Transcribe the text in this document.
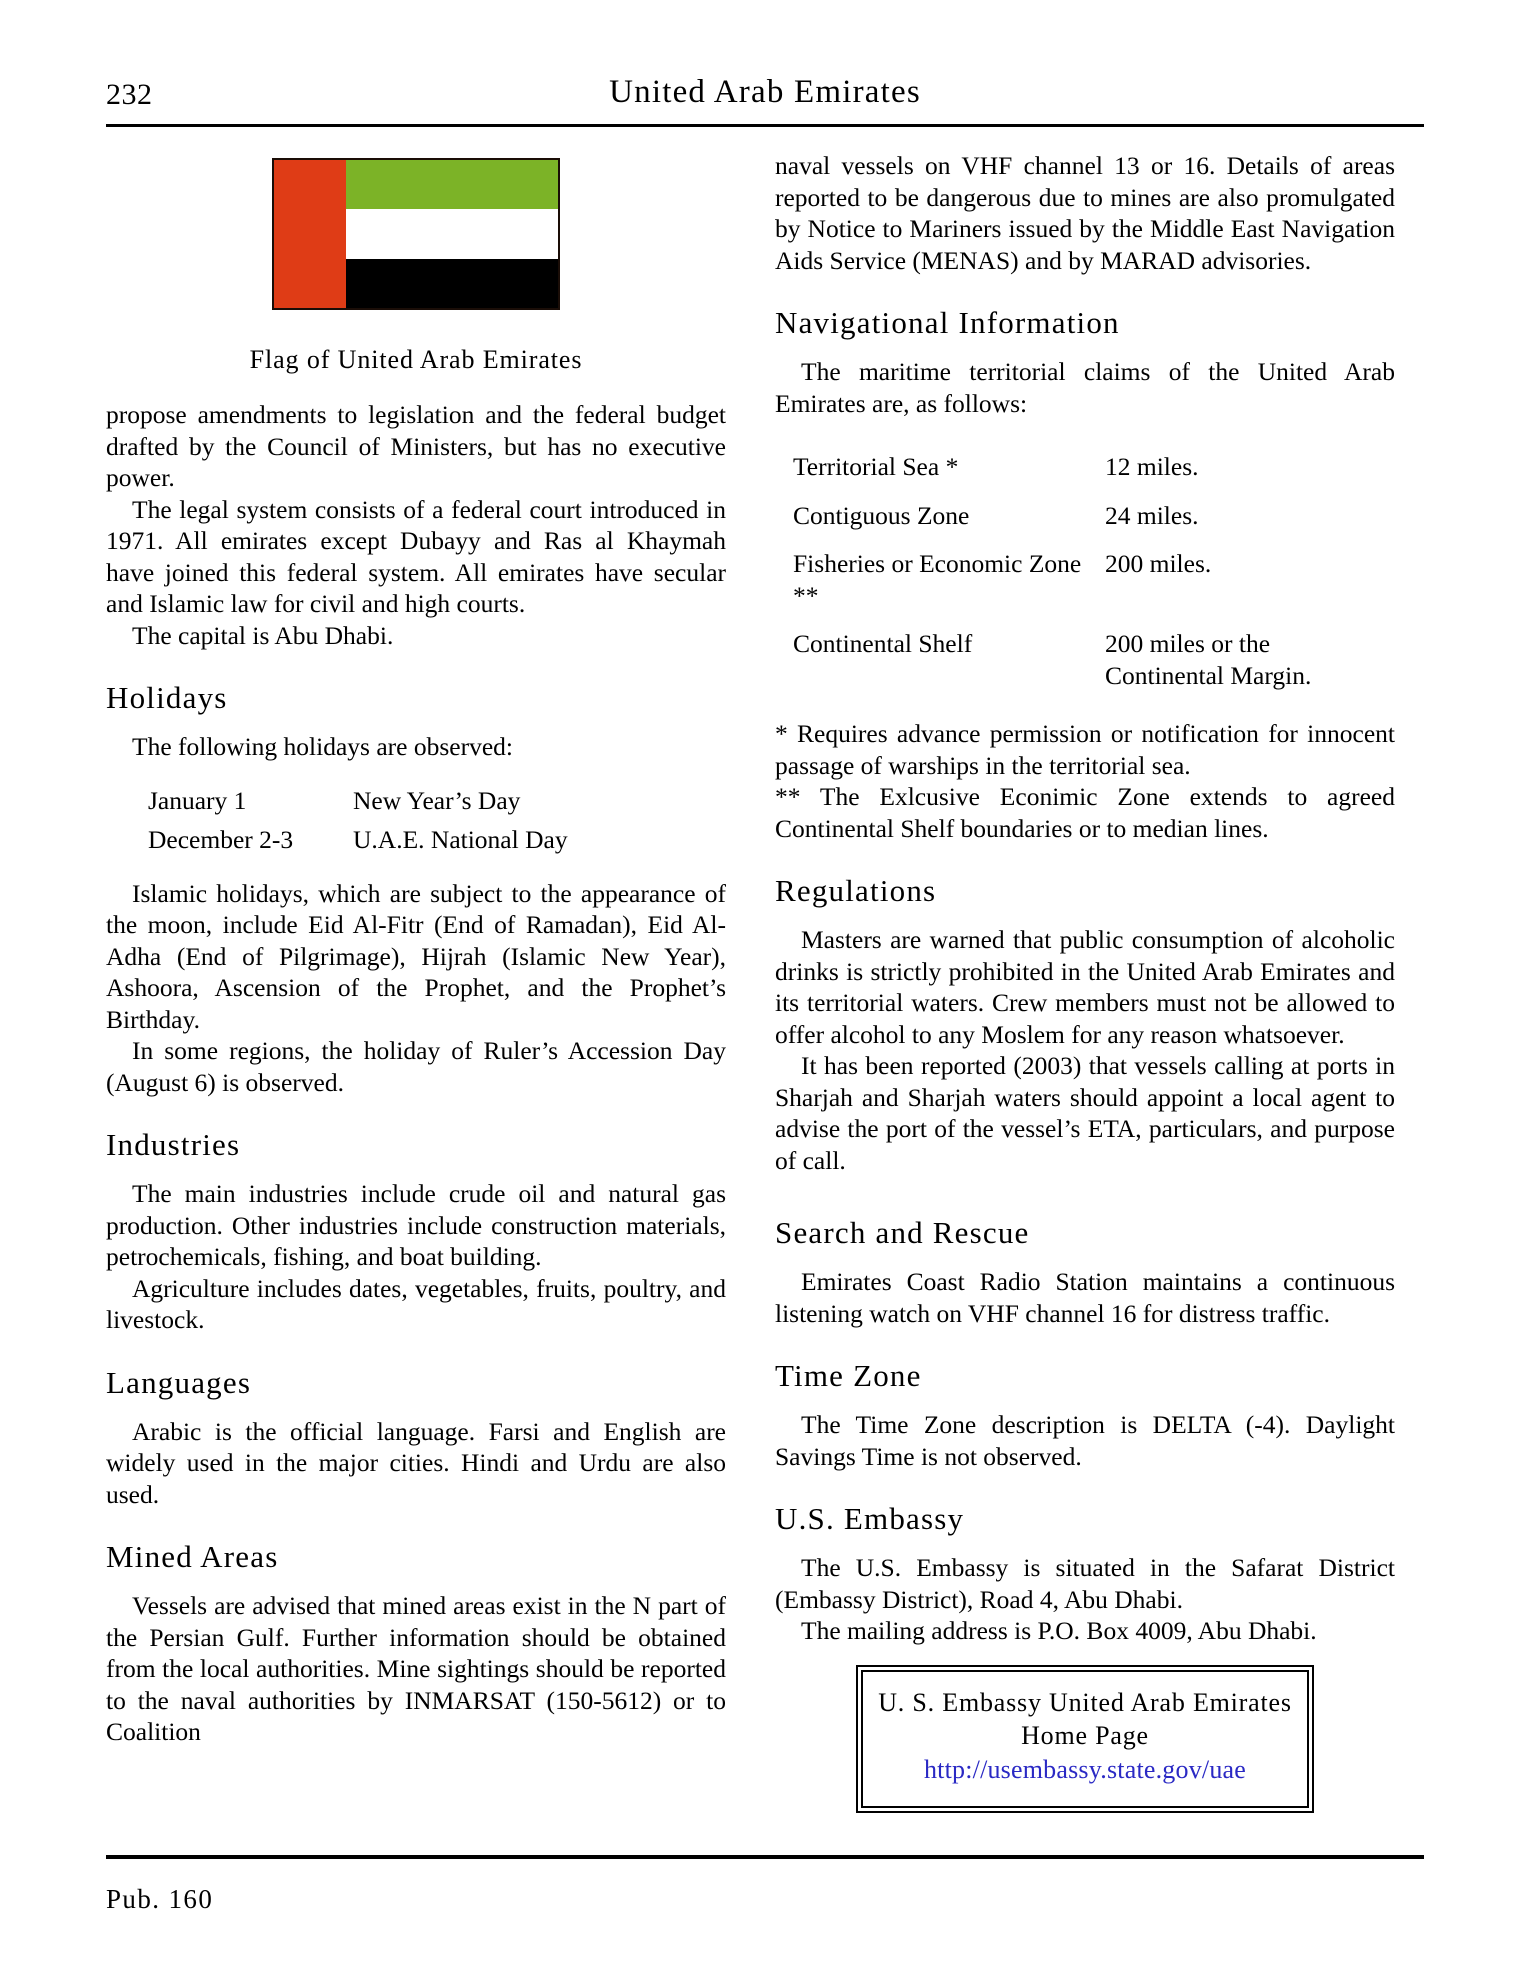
232	United Arab Emirates
Flag of United Arab Emirates

propose amendments to legislation and the federal budget drafted by the Council of Ministers, but has no executive power.

The legal system consists of a federal court introduced in 1971. All emirates except Dubayy and Ras al Khaymah have joined this federal system. All emirates have secular and Islamic law for civil and high courts.

The capital is Abu Dhabi.

Holidays

The following holidays are observed:

January 1	New Year’s Day
December 2-3	U.A.E. National Day

Islamic holidays, which are subject to the appearance of the moon, include Eid Al-Fitr (End of Ramadan), Eid Al-Adha (End of Pilgrimage), Hijrah (Islamic New Year), Ashoora, Ascension of the Prophet, and the Prophet’s Birthday.

In some regions, the holiday of Ruler’s Accession Day (August 6) is observed.

Industries

The main industries include crude oil and natural gas production. Other industries include construction materials, petrochemicals, fishing, and boat building.

Agriculture includes dates, vegetables, fruits, poultry, and livestock.

Languages

Arabic is the official language. Farsi and English are widely used in the major cities. Hindi and Urdu are also used.

Mined Areas

Vessels are advised that mined areas exist in the N part of the Persian Gulf. Further information should be obtained from the local authorities. Mine sightings should be reported to the naval authorities by INMARSAT (150-5612) or to Coalition

naval vessels on VHF channel 13 or 16. Details of areas reported to be dangerous due to mines are also promulgated by Notice to Mariners issued by the Middle East Navigation Aids Service (MENAS) and by MARAD advisories.

Navigational Information

The maritime territorial claims of the United Arab Emirates are, as follows:

Territorial Sea *	12 miles.
Contiguous Zone	24 miles.
Fisheries or Economic Zone **	200 miles.
Continental Shelf	200 miles or the Continental Margin.

* Requires advance permission or notification for innocent passage of warships in the territorial sea.

** The Exlcusive Econimic Zone extends to agreed Continental Shelf boundaries or to median lines.

Regulations

Masters are warned that public consumption of alcoholic drinks is strictly prohibited in the United Arab Emirates and its territorial waters. Crew members must not be allowed to offer alcohol to any Moslem for any reason whatsoever.

It has been reported (2003) that vessels calling at ports in Sharjah and Sharjah waters should appoint a local agent to advise the port of the vessel’s ETA, particulars, and purpose of call.

Search and Rescue

Emirates Coast Radio Station maintains a continuous listening watch on VHF channel 16 for distress traffic.

Time Zone

The Time Zone description is DELTA (-4). Daylight Savings Time is not observed.

U.S. Embassy

The U.S. Embassy is situated in the Safarat District (Embassy District), Road 4, Abu Dhabi.

The mailing address is P.O. Box 4009, Abu Dhabi.

U. S. Embassy United Arab Emirates
Home Page
http://usembassy.state.gov/uae
Pub. 160
